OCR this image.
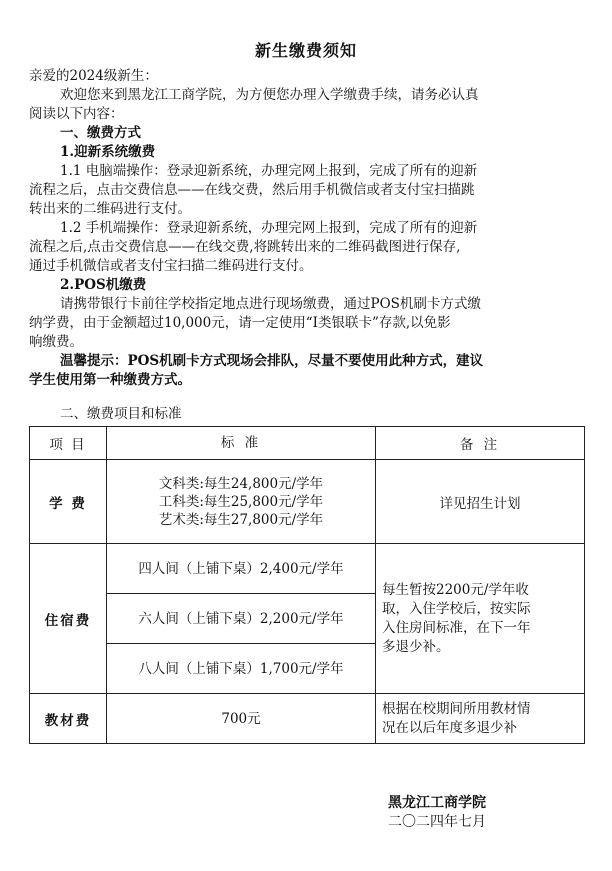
新生缴费须知
亲爱的2024级新生：
欢迎您来到黑龙江工商学院，为方便您办理入学缴费手续，请务必认真
阅读以下内容：
一、缴费方式
1.迎新系统缴费
1.1 电脑端操作：登录迎新系统，办理完网上报到，完成了所有的迎新
流程之后，点击交费信息——在线交费，然后用手机微信或者支付宝扫描跳
转出来的二维码进行支付。
1.2 手机端操作：登录迎新系统，办理完网上报到，完成了所有的迎新
流程之后,点击交费信息——在线交费,将跳转出来的二维码截图进行保存,
通过手机微信或者支付宝扫描二维码进行支付。
2.POS机缴费
请携带银行卡前往学校指定地点进行现场缴费，通过POS机刷卡方式缴
纳学费，由于金额超过10,000元，请一定使用“I类银联卡”存款,以免影
响缴费。
温馨提示：POS机刷卡方式现场会排队，尽量不要使用此种方式，建议
学生使用第一种缴费方式。
二、缴费项目和标准
项 目	标 准	备 注
学 费	文科类:每生24,800元/学年
工科类:每生25,800元/学年
艺术类:每生27,800元/学年	详见招生计划
住宿费	四人间（上铺下桌）2,400元/学年	每生暂按2200元/学年收
取，入住学校后，按实际
入住房间标准，在下一年
多退少补。

	六人间（上铺下桌）2,200元/学年	
	八人间（上铺下桌）1,700元/学年	
教材费	700元	根据在校期间所用教材情
况在以后年度多退少补
黑龙江工商学院
二〇二四年七月
